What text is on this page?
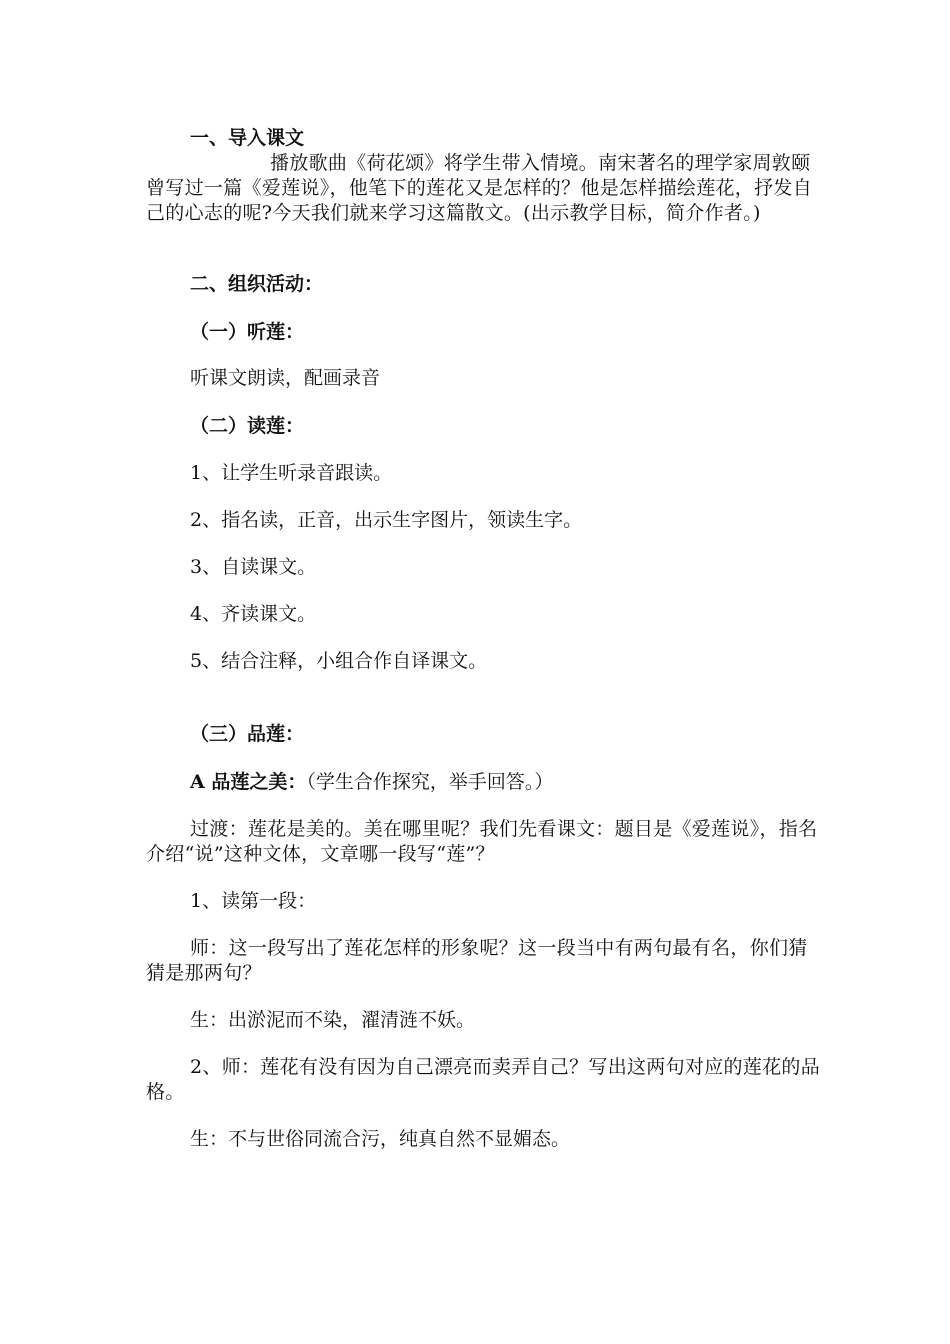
一、导入课文
播放歌曲《荷花颂》将学生带入情境。南宋著名的理学家周敦颐曾写过一篇《爱莲说》，他笔下的莲花又是怎样的？他是怎样描绘莲花，抒发自己的心志的呢?今天我们就来学习这篇散文。(出示教学目标，简介作者。)
二、组织活动：
（一）听莲：
听课文朗读，配画录音
（二）读莲：
1、让学生听录音跟读。
2、指名读，正音，出示生字图片，领读生字。
3、自读课文。
4、齐读课文。
5、结合注释，小组合作自译课文。
（三）品莲：
A 品莲之美：（学生合作探究，举手回答。）
过渡：莲花是美的。美在哪里呢？我们先看课文：题目是《爱莲说》，指名介绍“说”这种文体，文章哪一段写“莲”？
1、读第一段：
师：这一段写出了莲花怎样的形象呢？这一段当中有两句最有名，你们猜猜是那两句？
生：出淤泥而不染，濯清涟不妖。
2、师：莲花有没有因为自己漂亮而卖弄自己？写出这两句对应的莲花的品格。
生：不与世俗同流合污，纯真自然不显媚态。
